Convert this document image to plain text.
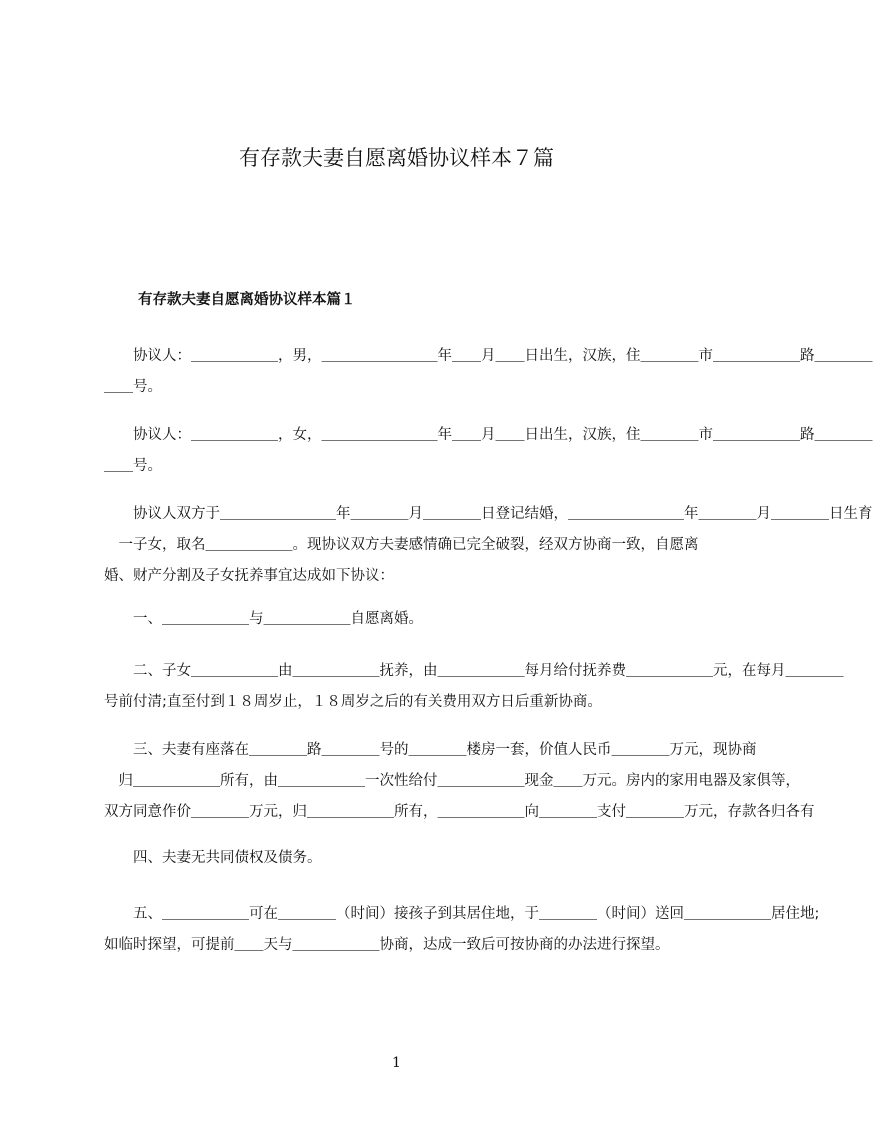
有存款夫妻自愿离婚协议样本７篇
有存款夫妻自愿离婚协议样本篇１
　　协议人：＿＿＿＿＿＿，男，＿＿＿＿＿＿＿＿年＿＿月＿＿日出生，汉族，住＿＿＿＿市＿＿＿＿＿＿路＿＿＿＿
＿＿号。
　　协议人：＿＿＿＿＿＿，女，＿＿＿＿＿＿＿＿年＿＿月＿＿日出生，汉族，住＿＿＿＿市＿＿＿＿＿＿路＿＿＿＿
＿＿号。
　　协议人双方于＿＿＿＿＿＿＿＿年＿＿＿＿月＿＿＿＿日登记结婚，＿＿＿＿＿＿＿＿年＿＿＿＿月＿＿＿＿日生育
　一子女，取名＿＿＿＿＿＿。现协议双方夫妻感情确已完全破裂，经双方协商一致，自愿离
婚、财产分割及子女抚养事宜达成如下协议：
　　一、＿＿＿＿＿＿与＿＿＿＿＿＿自愿离婚。
　　二、子女＿＿＿＿＿＿由＿＿＿＿＿＿抚养，由＿＿＿＿＿＿每月给付抚养费＿＿＿＿＿＿元，在每月＿＿＿＿
号前付清;直至付到１８周岁止，１８周岁之后的有关费用双方日后重新协商。
　　三、夫妻有座落在＿＿＿＿路＿＿＿＿号的＿＿＿＿楼房一套，价值人民币＿＿＿＿万元，现协商
　归＿＿＿＿＿＿所有，由＿＿＿＿＿＿一次性给付＿＿＿＿＿＿现金＿＿万元。房内的家用电器及家俱等，
双方同意作价＿＿＿＿万元，归＿＿＿＿＿＿所有，＿＿＿＿＿＿向＿＿＿＿支付＿＿＿＿万元，存款各归各有
　　四、夫妻无共同债权及债务。
　　五、＿＿＿＿＿＿可在＿＿＿＿（时间）接孩子到其居住地，于＿＿＿＿（时间）送回＿＿＿＿＿＿居住地;
如临时探望，可提前＿＿天与＿＿＿＿＿＿协商，达成一致后可按协商的办法进行探望。
1
